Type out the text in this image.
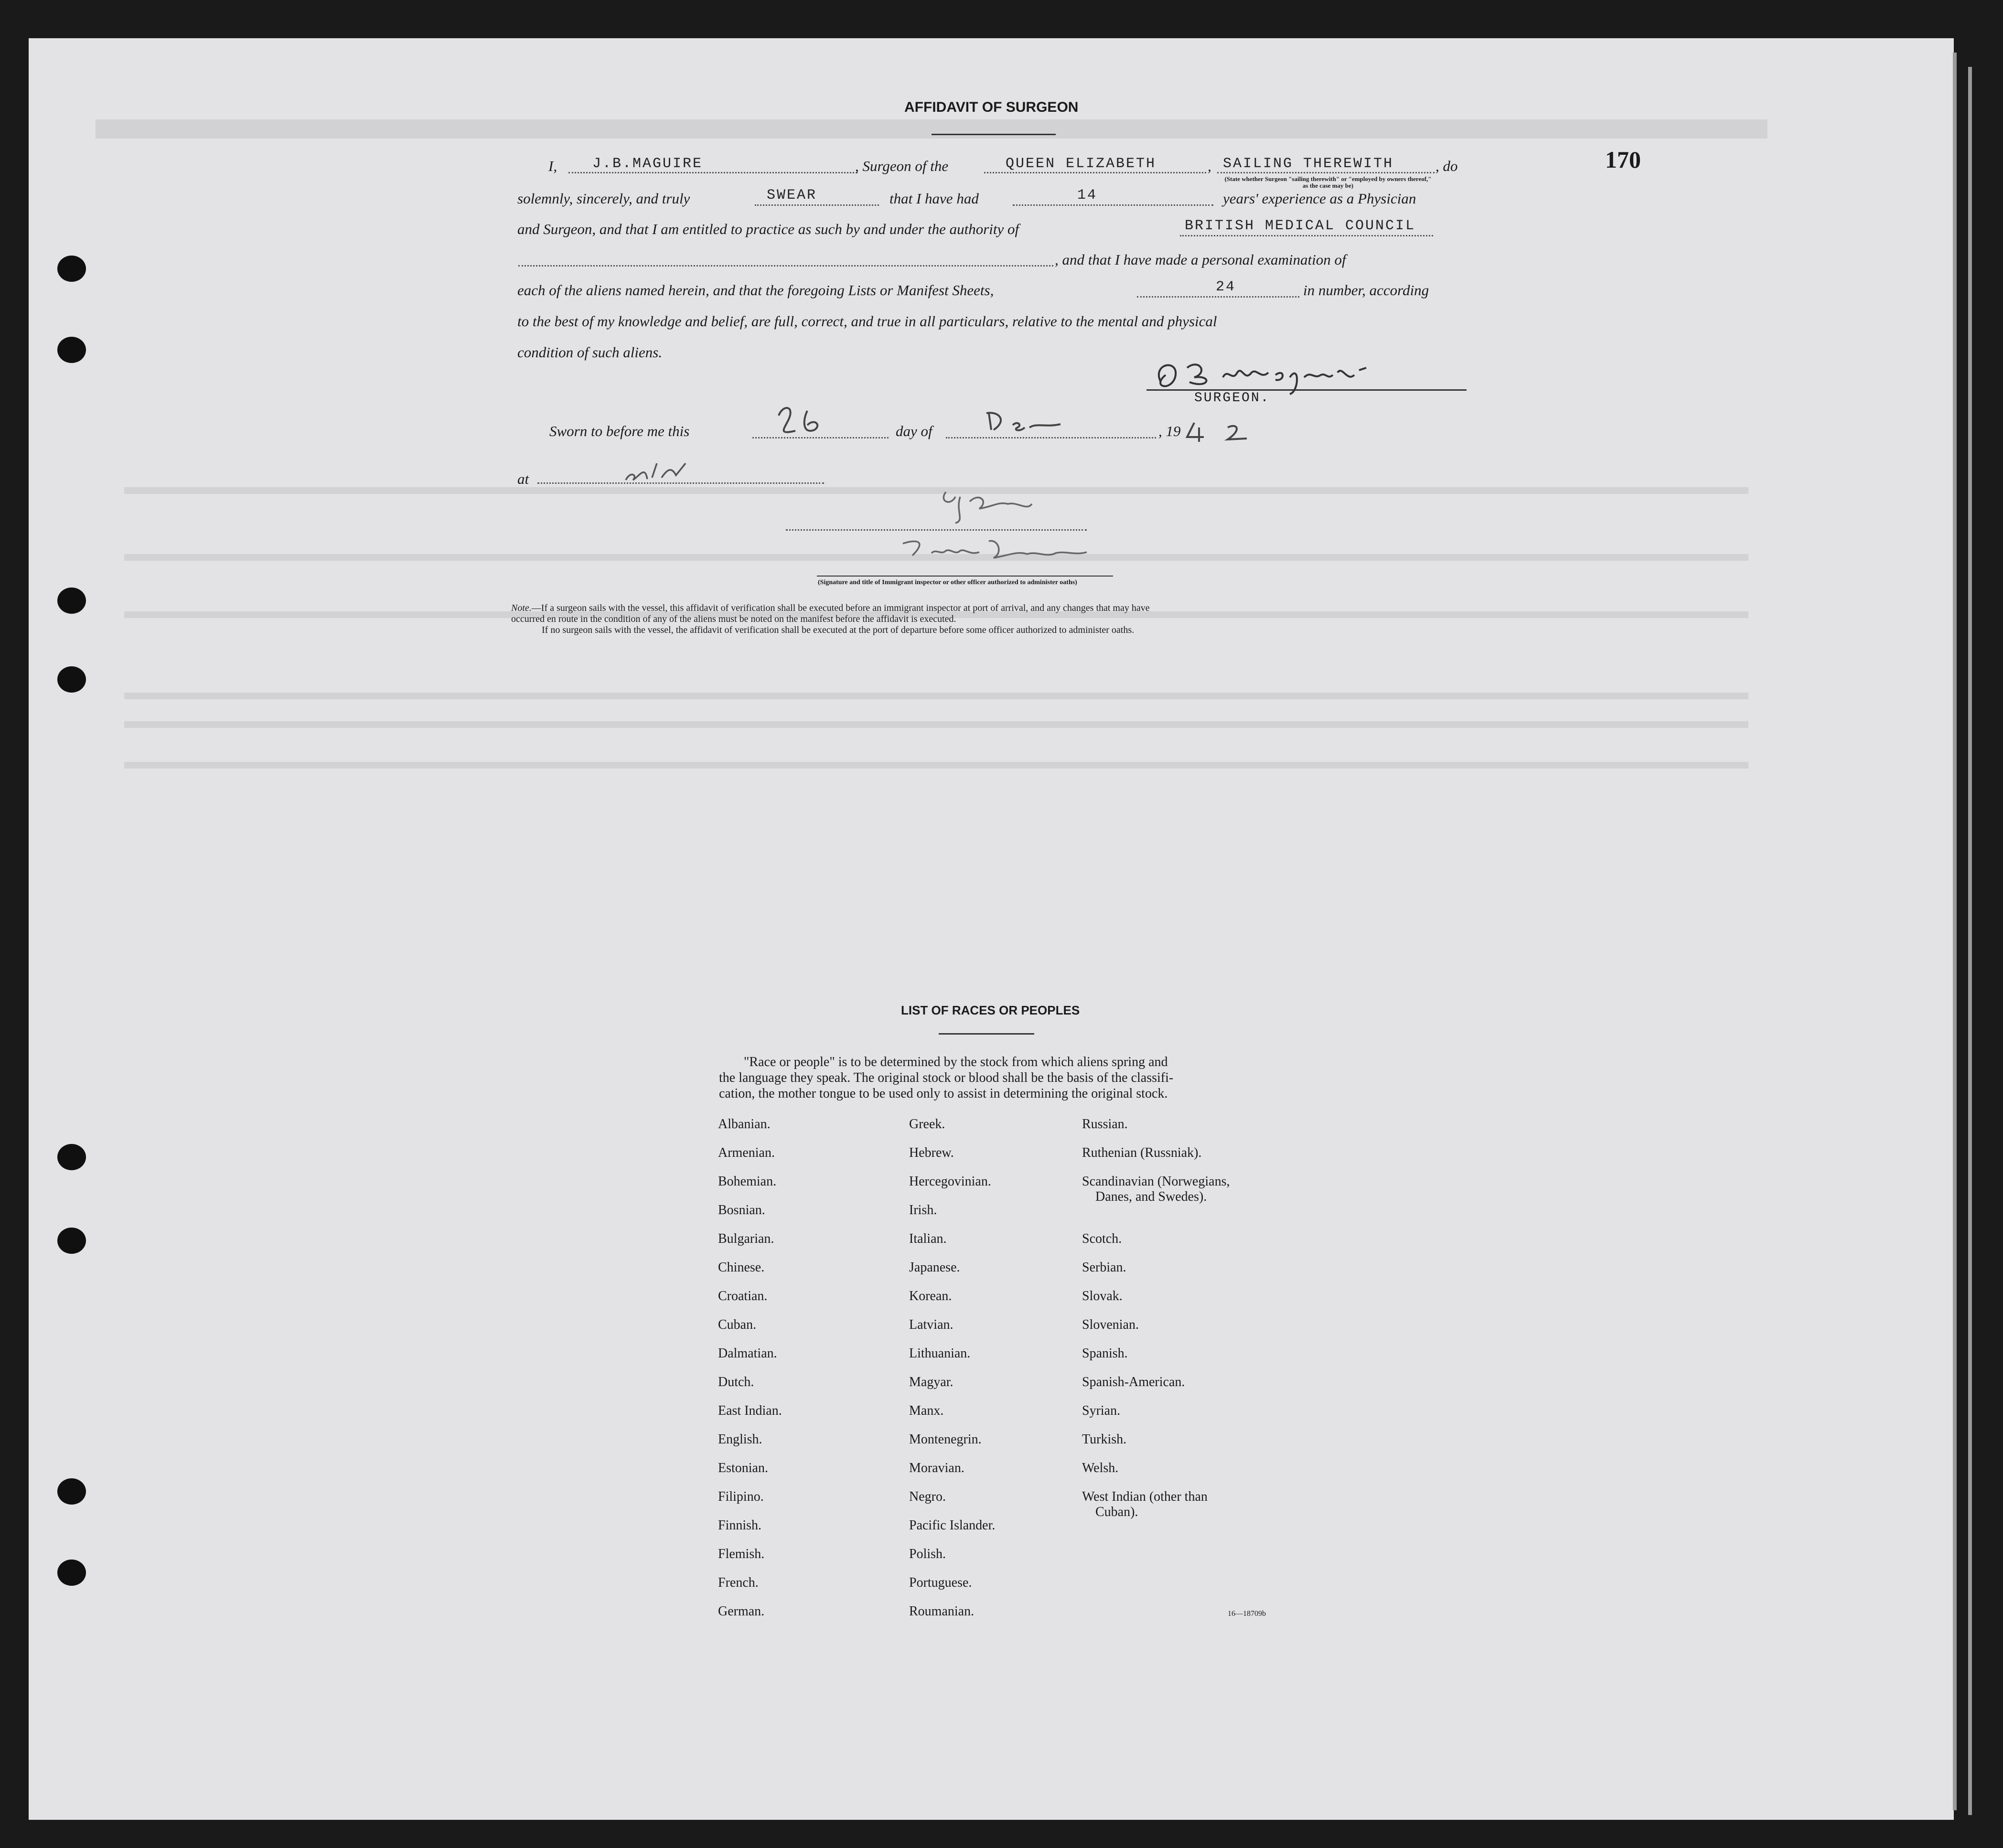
170
AFFIDAVIT OF SURGEON
I, J.B.MAGUIRE	, Surgeon of the	QUEEN ELIZABETH	, SAILING THEREWITH	, do
(State whether Surgeon "sailing therewith" or "employed by owners thereof," as the case may be)
solemnly, sincerely, and truly	SWEAR	that I have had	14	years' experience as a Physician
and Surgeon, and that I am entitled to practice as such by and under the authority of	BRITISH MEDICAL COUNCIL
, and that I have made a personal examination of
each of the aliens named herein, and that the foregoing Lists or Manifest Sheets,	24	in number, according
to the best of my knowledge and belief, are full, correct, and true in all particulars, relative to the mental and physical
condition of such aliens.
SURGEON.
Sworn to before me this	day of	, 19
at
(Signature and title of Immigrant inspector or other officer authorized to administer oaths)
Note.—If a surgeon sails with the vessel, this affidavit of verification shall be executed before an immigrant inspector at port of arrival, and any changes that may have
occurred en route in the condition of any of the aliens must be noted on the manifest before the affidavit is executed.
If no surgeon sails with the vessel, the affidavit of verification shall be executed at the port of departure before some officer authorized to administer oaths.
LIST OF RACES OR PEOPLES
"Race or people" is to be determined by the stock from which aliens spring and
the language they speak. The original stock or blood shall be the basis of the classifi-
cation, the mother tongue to be used only to assist in determining the original stock.
Albanian.
Armenian.
Bohemian.
Bosnian.
Bulgarian.
Chinese.
Croatian.
Cuban.
Dalmatian.
Dutch.
East Indian.
English.
Estonian.
Filipino.
Finnish.
Flemish.
French.
German.
Greek.
Hebrew.
Hercegovinian.
Irish.
Italian.
Japanese.
Korean.
Latvian.
Lithuanian.
Magyar.
Manx.
Montenegrin.
Moravian.
Negro.
Pacific Islander.
Polish.
Portuguese.
Roumanian.
Russian.
Ruthenian (Russniak).
Scandinavian (Norwegians,
Danes, and Swedes).
Scotch.
Serbian.
Slovak.
Slovenian.
Spanish.
Spanish-American.
Syrian.
Turkish.
Welsh.
West Indian (other than
Cuban).
16—18709b
